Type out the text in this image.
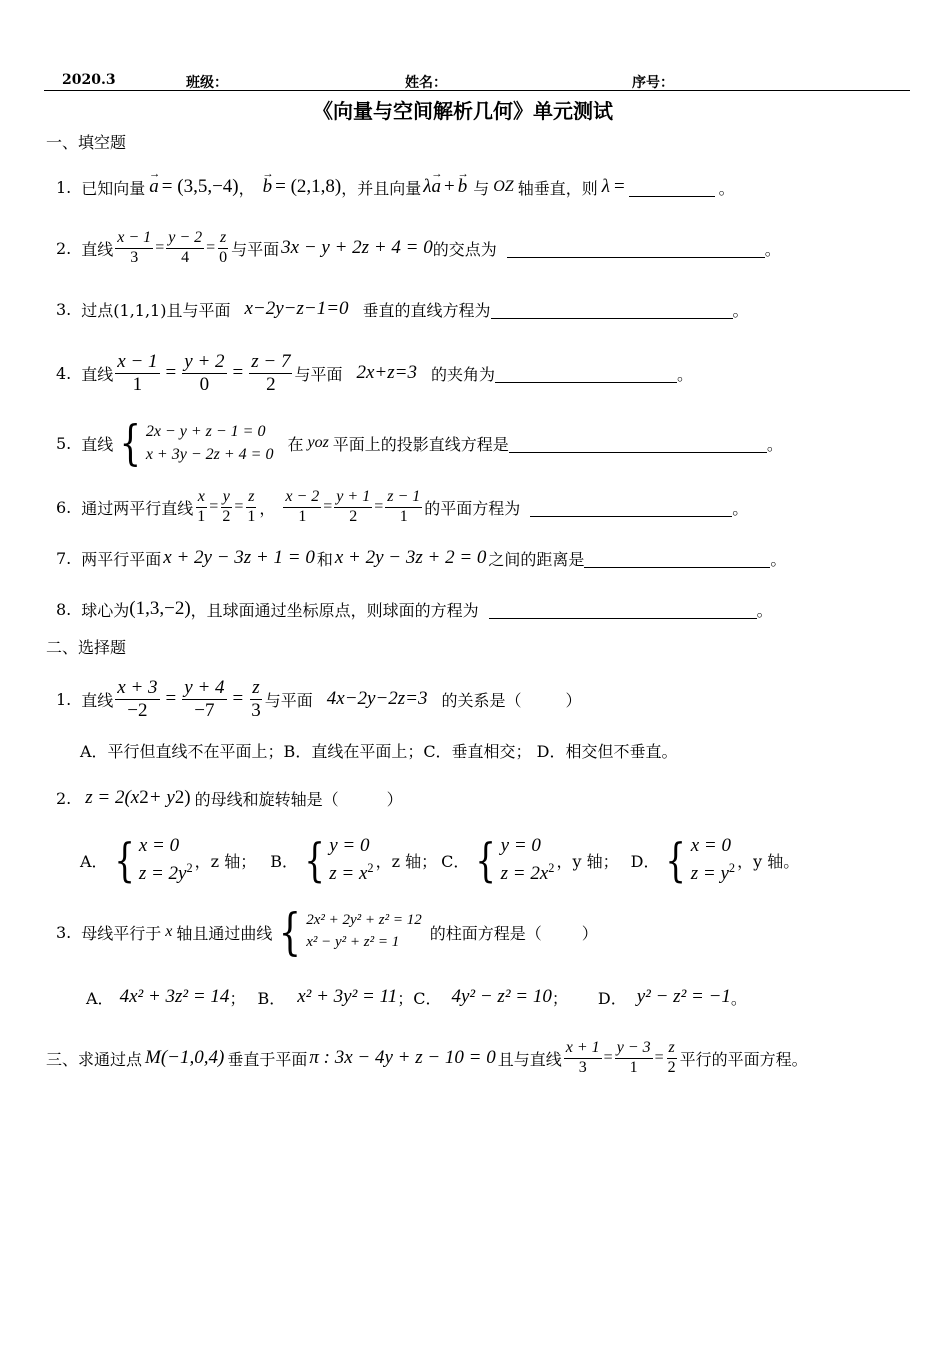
2020.3	班级：	姓名：	序号：
《向量与空间解析几何》单元测试
一、填空题
1. 已知向量 → a = (3,5,−4) ， → b = (2,1,8) ，并且向量 λ → a + → b 与 OZ 轴垂直，则 λ =	。
2. 直线 $\frac{x - 1}{3} = \frac{y - 2}{4} = \frac{z}{0}$ 与平面 3x − y + 2z + 4 = 0 的交点为	。
3. 过点(1,1,1)且与平面 x−2y−z−1=0 垂直的直线方程为	。
4. 直线 $\frac{x - 1}{1} = \frac{y + 2}{0} = \frac{z - 7}{2}$ 与平面 2x+z=3 的夹角为	。
5. 直线 { 2x − y + z − 1 = 0
x + 3y − 2z + 4 = 0
在 yoz 平面上的投影直线方程是	。
6. 通过两平行直线 $\frac{x}{1} = \frac{y}{2} = \frac{z}{1}$ ， $\frac{x - 2}{1} = \frac{y + 1}{2} = \frac{z - 1}{1}$ 的平面方程为	。
7. 两平行平面 x + 2y − 3z + 1 = 0 和 x + 2y − 3z + 2 = 0 之间的距离是	。
8. 球心为 (1,3,−2) ，且球面通过坐标原点，则球面的方程为	。
二、选择题
1. 直线 $\frac{x + 3}{-2} = \frac{y + 4}{-7} = \frac{z}{3}$ 与平面 4x−2y−2z=3 的关系是（	）
A．平行但直线不在平面上；B．直线在平面上；C．垂直相交； D．相交但不垂直。
2. z = 2(x 2 + y 2 ) 的母线和旋转轴是（	）
A． { x = 0
$z = 2y^2$ ，z 轴； B． { y = 0
$z = x^2$ ，z 轴； C． { y = 0
$z = 2x^2$ ，y 轴； D． { x = 0
$z = y^2$ ，y 轴。
3. 母线平行于 x 轴且通过曲线 { 2x² + 2y² + z² = 12
x² − y² + z² = 1	的柱面方程是（	）
A． 4x² + 3z² = 14 ； B． x² + 3y² = 11 ； C． 4y² − z² = 10 ； D． y² − z² = −1 。
三、求通过点 M(−1,0,4) 垂直于平面 π : 3x − 4y + z − 10 = 0 且与直线 $\frac{x + 1}{3} = \frac{y - 3}{1} = \frac{z}{2}$ 平行的平面方程。
